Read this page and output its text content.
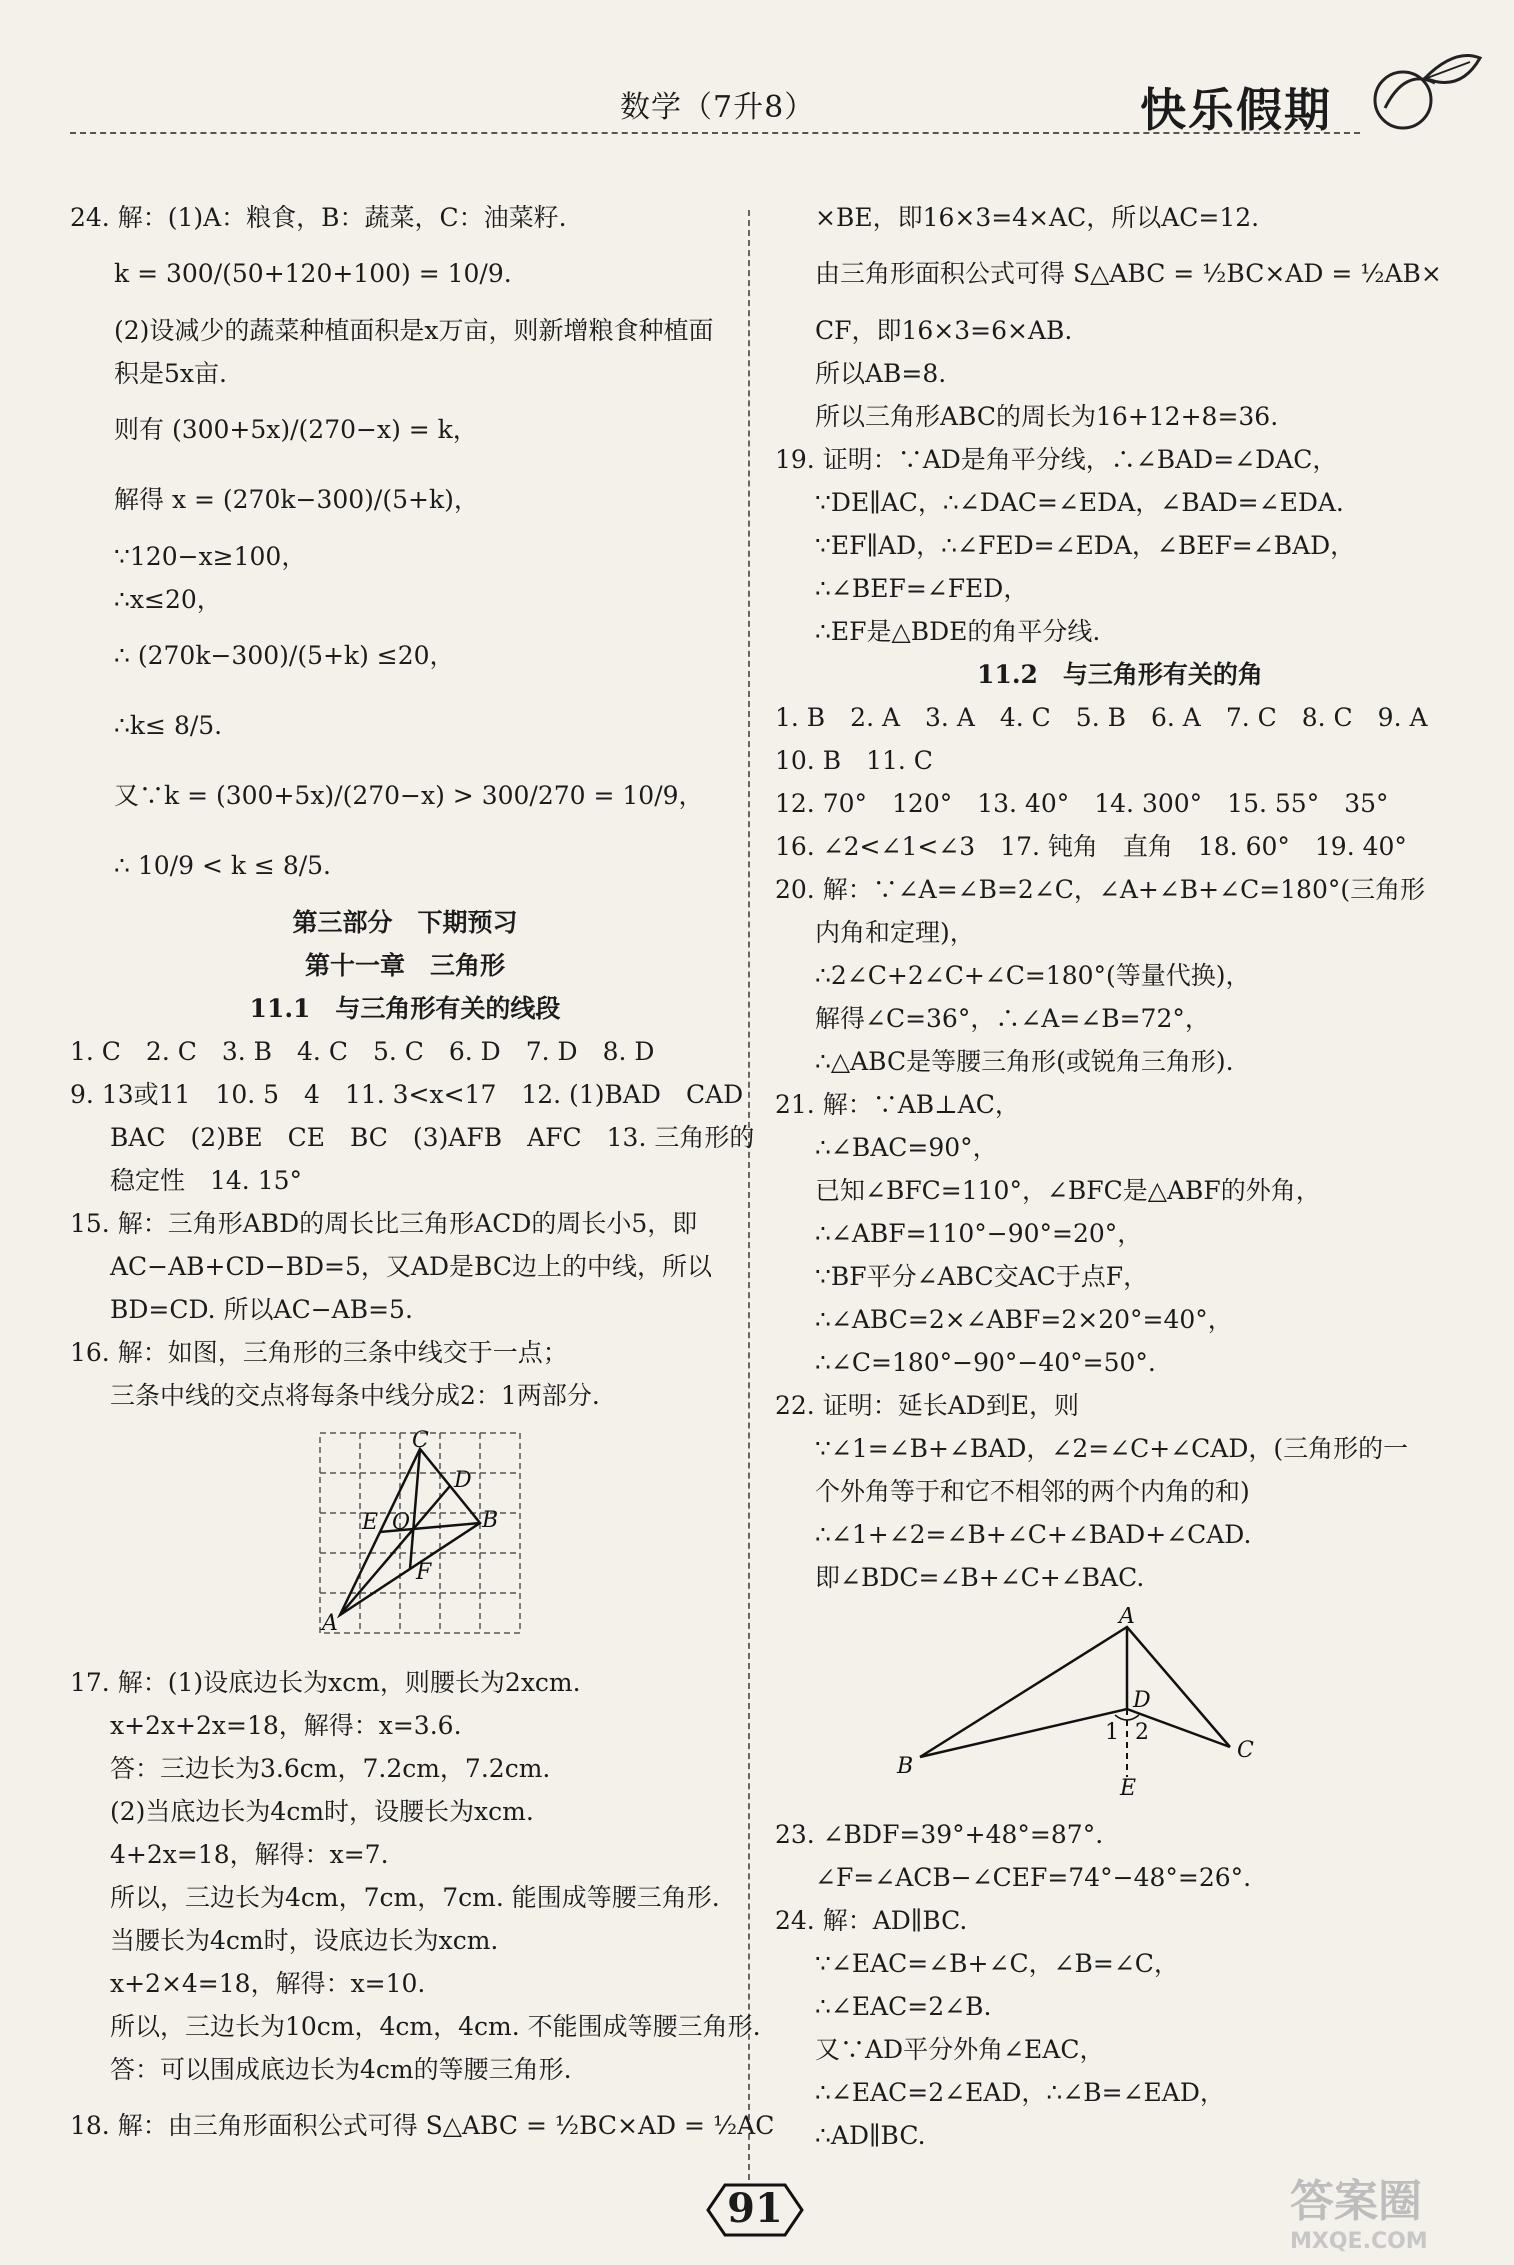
数学（7升8）	快乐假期
24. 解：(1)A：粮食，B：蔬菜，C：油菜籽.
k = 300/(50+120+100) = 10/9.
(2)设减少的蔬菜种植面积是x万亩，则新增粮食种植面
积是5x亩.
则有 (300+5x)/(270−x) = k，
解得 x = (270k−300)/(5+k)，
∵120−x≥100，
∴x≤20，
∴ (270k−300)/(5+k) ≤20，
∴k≤ 8/5.
又∵k = (300+5x)/(270−x) > 300/270 = 10/9，
∴ 10/9 < k ≤ 8/5.
第三部分　下期预习
第十一章　三角形
11.1　与三角形有关的线段
1. C　2. C　3. B　4. C　5. C　6. D　7. D　8. D
9. 13或11　10. 5　4　11. 3<x<17　12. (1)BAD　CAD
BAC　(2)BE　CE　BC　(3)AFB　AFC　13. 三角形的
稳定性　14. 15°
15. 解：三角形ABD的周长比三角形ACD的周长小5，即
AC−AB+CD−BD=5，又AD是BC边上的中线，所以
BD=CD. 所以AC−AB=5.
16. 解：如图，三角形的三条中线交于一点；
三条中线的交点将每条中线分成2：1两部分.
C
D
E O	B
F
A
17. 解：(1)设底边长为xcm，则腰长为2xcm.
x+2x+2x=18，解得：x=3.6.
答：三边长为3.6cm，7.2cm，7.2cm.
(2)当底边长为4cm时，设腰长为xcm.
4+2x=18，解得：x=7.
所以，三边长为4cm，7cm，7cm. 能围成等腰三角形.
当腰长为4cm时，设底边长为xcm.
x+2×4=18，解得：x=10.
所以，三边长为10cm，4cm，4cm. 不能围成等腰三角形.
答：可以围成底边长为4cm的等腰三角形.
18. 解：由三角形面积公式可得 S△ABC = ½BC×AD = ½AC
×BE，即16×3=4×AC，所以AC=12.
由三角形面积公式可得 S△ABC = ½BC×AD = ½AB×
CF，即16×3=6×AB.
所以AB=8.
所以三角形ABC的周长为16+12+8=36.
19. 证明：∵AD是角平分线，∴∠BAD=∠DAC，
∵DE∥AC，∴∠DAC=∠EDA，∠BAD=∠EDA.
∵EF∥AD，∴∠FED=∠EDA，∠BEF=∠BAD，
∴∠BEF=∠FED，
∴EF是△BDE的角平分线.
11.2　与三角形有关的角
1. B　2. A　3. A　4. C　5. B　6. A　7. C　8. C　9. A
10. B　11. C
12. 70°　120°　13. 40°　14. 300°　15. 55°　35°
16. ∠2<∠1<∠3　17. 钝角　直角　18. 60°　19. 40°
20. 解：∵∠A=∠B=2∠C，∠A+∠B+∠C=180°(三角形
内角和定理)，
∴2∠C+2∠C+∠C=180°(等量代换)，
解得∠C=36°，∴∠A=∠B=72°，
∴△ABC是等腰三角形(或锐角三角形).
21. 解：∵AB⊥AC，
∴∠BAC=90°，
已知∠BFC=110°，∠BFC是△ABF的外角，
∴∠ABF=110°−90°=20°，
∵BF平分∠ABC交AC于点F，
∴∠ABC=2×∠ABF=2×20°=40°，
∴∠C=180°−90°−40°=50°.
22. 证明：延长AD到E，则
∵∠1=∠B+∠BAD，∠2=∠C+∠CAD，(三角形的一
个外角等于和它不相邻的两个内角的和)
∴∠1+∠2=∠B+∠C+∠BAD+∠CAD.
即∠BDC=∠B+∠C+∠BAC.
A
D
1 2
B
C
E
23. ∠BDF=39°+48°=87°.
∠F=∠ACB−∠CEF=74°−48°=26°.
24. 解：AD∥BC.
∵∠EAC=∠B+∠C，∠B=∠C，
∴∠EAC=2∠B.
又∵AD平分外角∠EAC，
∴∠EAC=2∠EAD，∴∠B=∠EAD，
∴AD∥BC.
91	答案圈
MXQE.COM
